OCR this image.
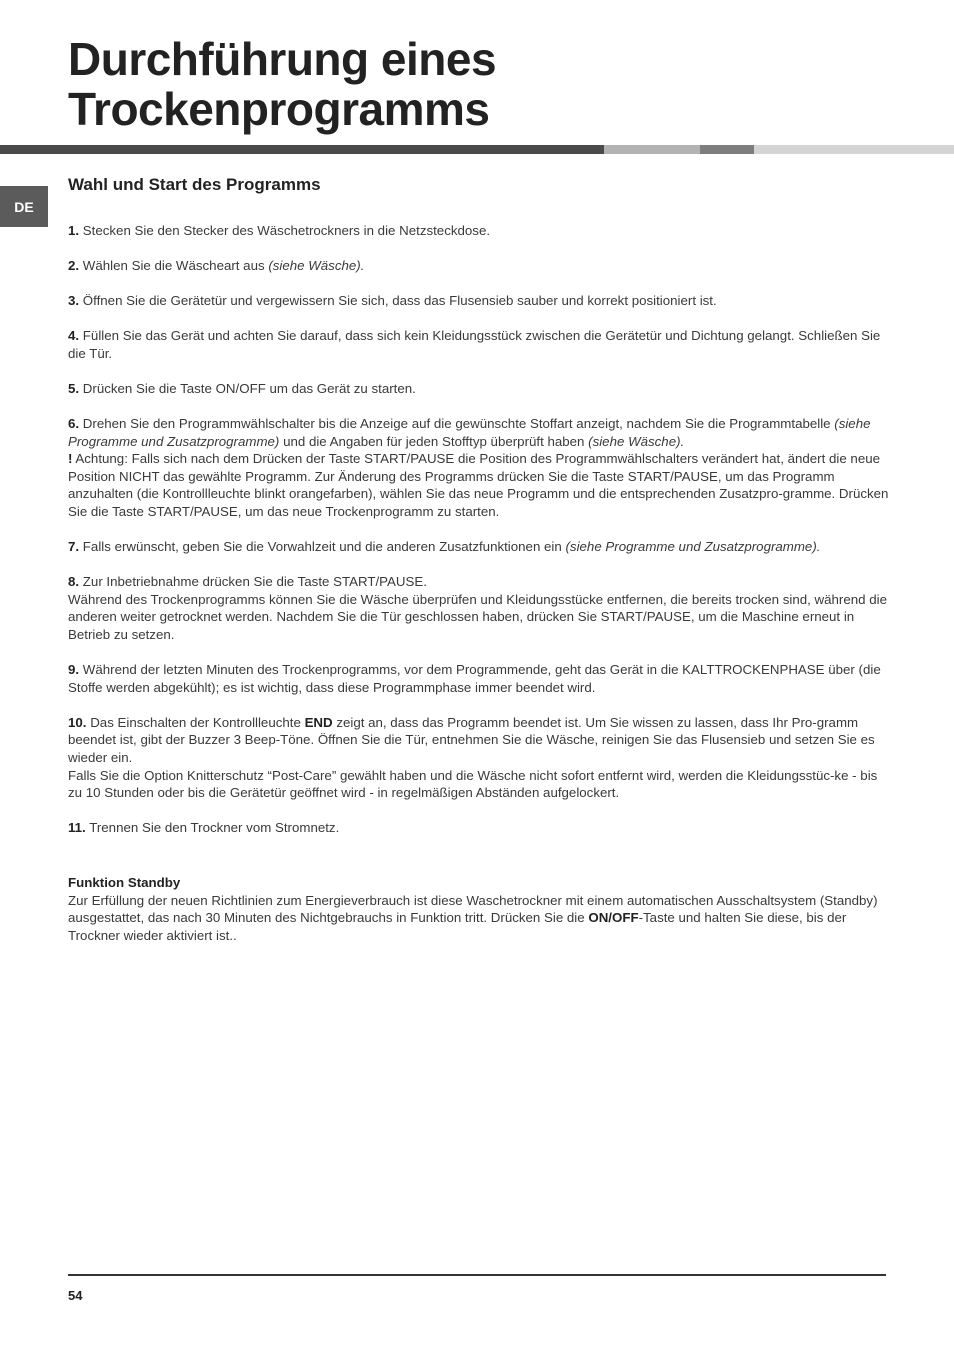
Durchführung eines
Trockenprogramms
DE
Wahl und Start des Programms

1. Stecken Sie den Stecker des Wäschetrockners in die Netzsteckdose.

2. Wählen Sie die Wäscheart aus (siehe Wäsche).

3. Öffnen Sie die Gerätetür und vergewissern Sie sich, dass das Flusensieb sauber und korrekt positioniert ist.

4. Füllen Sie das Gerät und achten Sie darauf, dass sich kein Kleidungsstück zwischen die Gerätetür und Dichtung gelangt. Schließen Sie die Tür.

5. Drücken Sie die Taste ON/OFF um das Gerät zu starten.

6. Drehen Sie den Programmwählschalter bis die Anzeige auf die gewünschte Stoffart anzeigt, nachdem Sie die Programmtabelle (siehe Programme und Zusatzprogramme) und die Angaben für jeden Stofftyp überprüft haben (siehe Wäsche).
! Achtung: Falls sich nach dem Drücken der Taste START/PAUSE die Position des Programmwählschalters verändert hat, ändert die neue Position NICHT das gewählte Programm. Zur Änderung des Programms drücken Sie die Taste START/PAUSE, um das Programm anzuhalten (die Kontrollleuchte blinkt orangefarben), wählen Sie das neue Programm und die entsprechenden Zusatzpro-gramme. Drücken Sie die Taste START/PAUSE, um das neue Trockenprogramm zu starten.

7. Falls erwünscht, geben Sie die Vorwahlzeit und die anderen Zusatzfunktionen ein (siehe Programme und Zusatzprogramme).

8. Zur Inbetriebnahme drücken Sie die Taste START/PAUSE.
Während des Trockenprogramms können Sie die Wäsche überprüfen und Kleidungsstücke entfernen, die bereits trocken sind, während die anderen weiter getrocknet werden. Nachdem Sie die Tür geschlossen haben, drücken Sie START/PAUSE, um die Maschine erneut in Betrieb zu setzen.

9. Während der letzten Minuten des Trockenprogramms, vor dem Programmende, geht das Gerät in die KALTTROCKENPHASE über (die Stoffe werden abgekühlt); es ist wichtig, dass diese Programmphase immer beendet wird.

10. Das Einschalten der Kontrollleuchte END zeigt an, dass das Programm beendet ist. Um Sie wissen zu lassen, dass Ihr Pro-gramm beendet ist, gibt der Buzzer 3 Beep-Töne. Öffnen Sie die Tür, entnehmen Sie die Wäsche, reinigen Sie das Flusensieb und setzen Sie es wieder ein.
Falls Sie die Option Knitterschutz “Post-Care” gewählt haben und die Wäsche nicht sofort entfernt wird, werden die Kleidungsstüc-ke - bis zu 10 Stunden oder bis die Gerätetür geöffnet wird - in regelmäßigen Abständen aufgelockert.

11. Trennen Sie den Trockner vom Stromnetz.

Funktion Standby

Zur Erfüllung der neuen Richtlinien zum Energieverbrauch ist diese Waschetrockner mit einem automatischen Ausschaltsystem (Standby) ausgestattet, das nach 30 Minuten des Nichtgebrauchs in Funktion tritt. Drücken Sie die ON/OFF-Taste und halten Sie diese, bis der Trockner wieder aktiviert ist..

54
